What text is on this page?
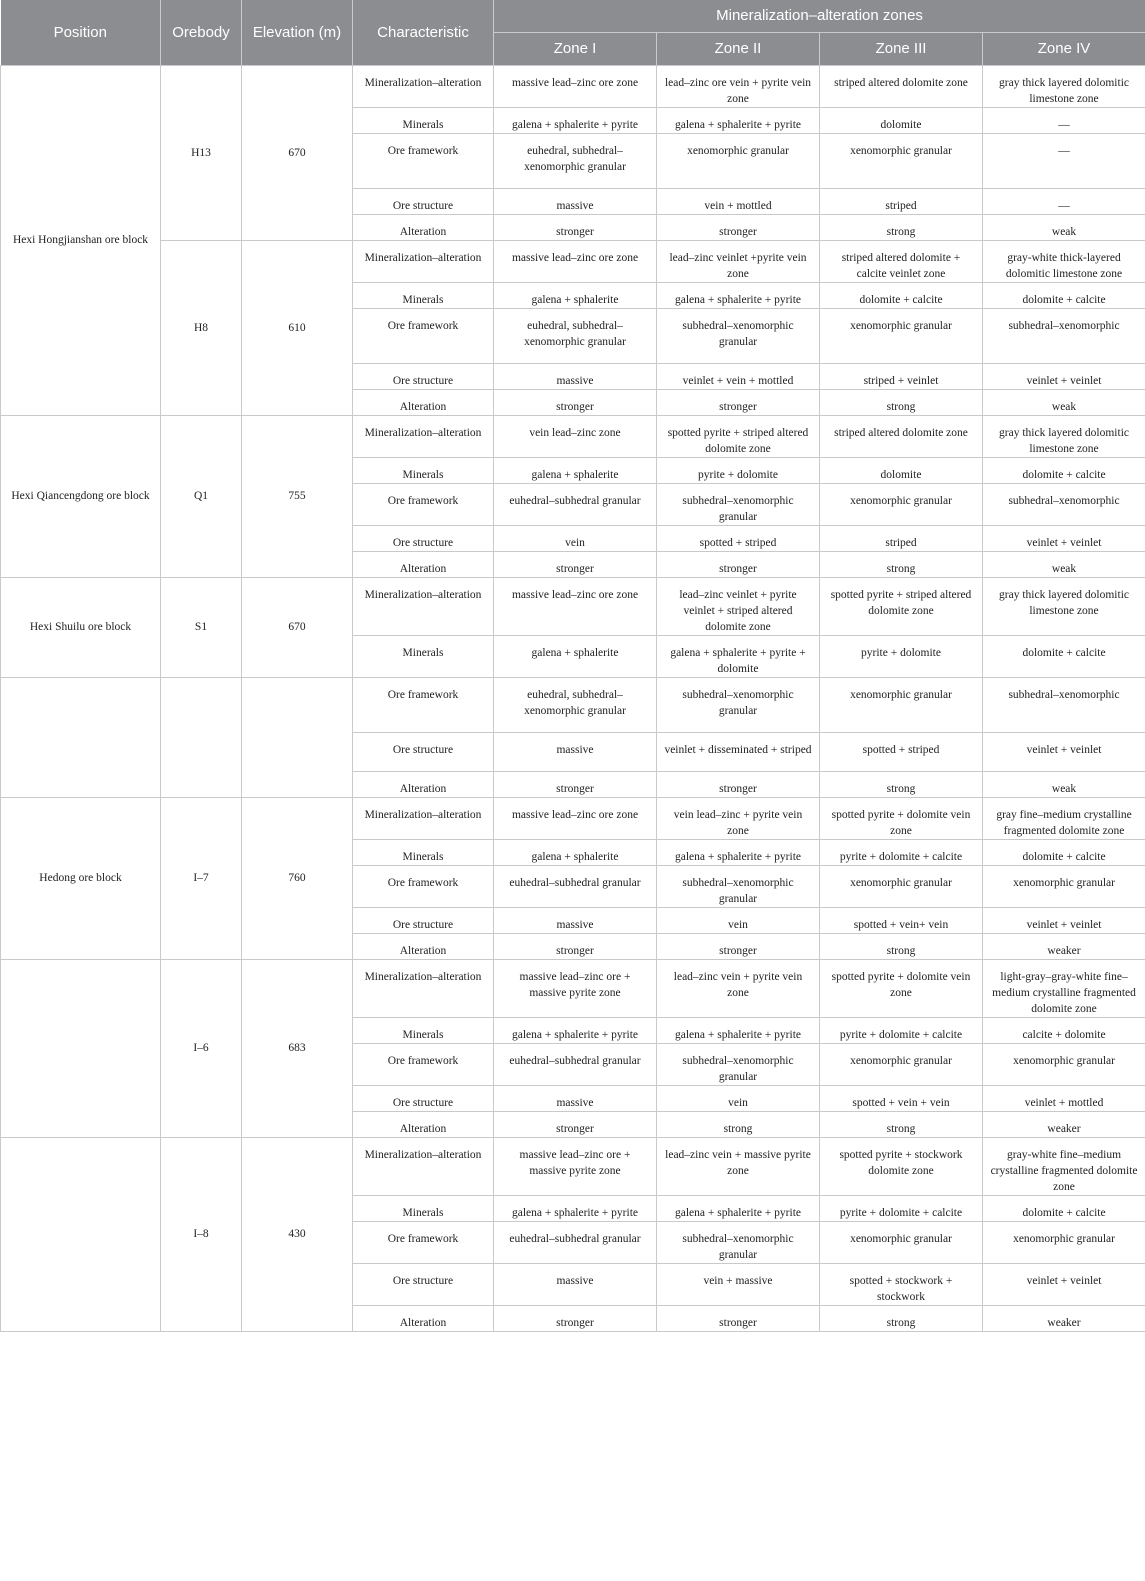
Position	Orebody	Elevation (m)	Characteristic	Mineralization–alteration zones			
				Zone I	Zone II	Zone III	Zone IV
Hexi Hongjianshan ore block	H13	670	Mineralization–alteration	massive lead–zinc ore zone	lead–zinc ore vein + pyrite vein zone	striped altered dolomite zone	gray thick layered dolomitic limestone zone
			Minerals	galena + sphalerite + pyrite	galena + sphalerite + pyrite	dolomite	—
			Ore framework	euhedral, subhedral–xenomorphic granular	xenomorphic granular	xenomorphic granular	—
			Ore structure	massive	vein + mottled	striped	—
			Alteration	stronger	stronger	strong	weak
	H8	610	Mineralization–alteration	massive lead–zinc ore zone	lead–zinc veinlet +pyrite vein zone	striped altered dolomite + calcite veinlet zone	gray-white thick-layered dolomitic limestone zone
			Minerals	galena + sphalerite	galena + sphalerite + pyrite	dolomite + calcite	dolomite + calcite
			Ore framework	euhedral, subhedral–xenomorphic granular	subhedral–xenomorphic granular	xenomorphic granular	subhedral–xenomorphic
			Ore structure	massive	veinlet + vein + mottled	striped + veinlet	veinlet + veinlet
			Alteration	stronger	stronger	strong	weak
Hexi Qiancengdong ore block	Q1	755	Mineralization–alteration	vein lead–zinc zone	spotted pyrite + striped altered dolomite zone	striped altered dolomite zone	gray thick layered dolomitic limestone zone
			Minerals	galena + sphalerite	pyrite + dolomite	dolomite	dolomite + calcite
			Ore framework	euhedral–subhedral granular	subhedral–xenomorphic granular	xenomorphic granular	subhedral–xenomorphic
			Ore structure	vein	spotted + striped	striped	veinlet + veinlet
			Alteration	stronger	stronger	strong	weak
Hexi Shuilu ore block	S1	670	Mineralization–alteration	massive lead–zinc ore zone	lead–zinc veinlet + pyrite veinlet + striped altered dolomite zone	spotted pyrite + striped altered dolomite zone	gray thick layered dolomitic limestone zone
			Minerals	galena + sphalerite	galena + sphalerite + pyrite + dolomite	pyrite + dolomite	dolomite + calcite
			Ore framework	euhedral, subhedral–xenomorphic granular	subhedral–xenomorphic granular	xenomorphic granular	subhedral–xenomorphic
			Ore structure	massive	veinlet + disseminated + striped	spotted + striped	veinlet + veinlet
			Alteration	stronger	stronger	strong	weak
Hedong ore block	I–7	760	Mineralization–alteration	massive lead–zinc ore zone	vein lead–zinc + pyrite vein zone	spotted pyrite + dolomite vein zone	gray fine–medium crystalline fragmented dolomite zone
			Minerals	galena + sphalerite	galena + sphalerite + pyrite	pyrite + dolomite + calcite	dolomite + calcite
			Ore framework	euhedral–subhedral granular	subhedral–xenomorphic granular	xenomorphic granular	xenomorphic granular
			Ore structure	massive	vein	spotted + vein+ vein	veinlet + veinlet
			Alteration	stronger	stronger	strong	weaker
	I–6	683	Mineralization–alteration	massive lead–zinc ore + massive pyrite zone	lead–zinc vein + pyrite vein zone	spotted pyrite + dolomite vein zone	light-gray–gray-white fine–medium crystalline fragmented dolomite zone
			Minerals	galena + sphalerite + pyrite	galena + sphalerite + pyrite	pyrite + dolomite + calcite	calcite + dolomite
			Ore framework	euhedral–subhedral granular	subhedral–xenomorphic granular	xenomorphic granular	xenomorphic granular
			Ore structure	massive	vein	spotted + vein + vein	veinlet + mottled
			Alteration	stronger	strong	strong	weaker
	I–8	430	Mineralization–alteration	massive lead–zinc ore + massive pyrite zone	lead–zinc vein + massive pyrite zone	spotted pyrite + stockwork dolomite zone	gray-white fine–medium crystalline fragmented dolomite zone
			Minerals	galena + sphalerite + pyrite	galena + sphalerite + pyrite	pyrite + dolomite + calcite	dolomite + calcite
			Ore framework	euhedral–subhedral granular	subhedral–xenomorphic granular	xenomorphic granular	xenomorphic granular
			Ore structure	massive	vein + massive	spotted + stockwork + stockwork	veinlet + veinlet
			Alteration	stronger	stronger	strong	weaker
